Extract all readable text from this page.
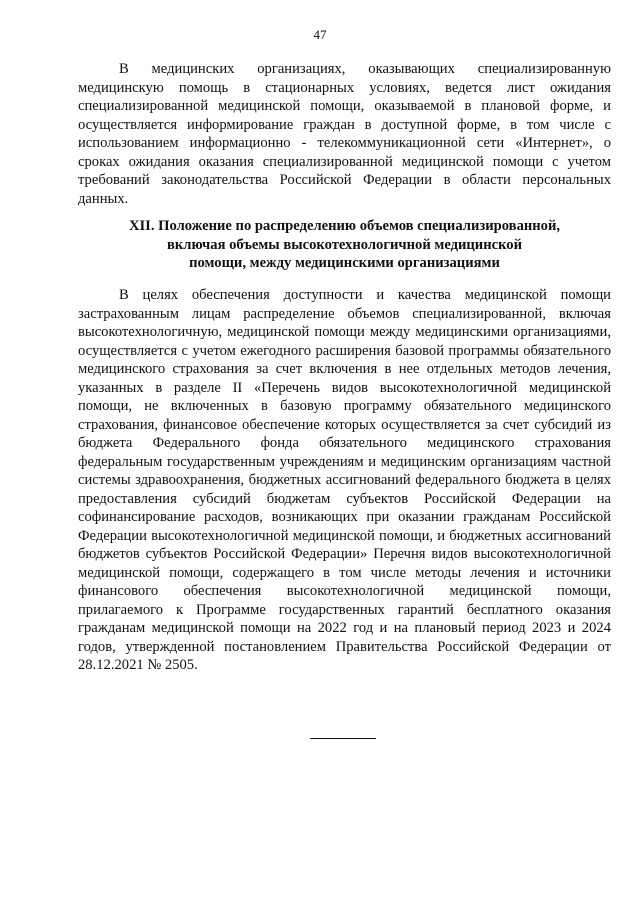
47

В медицинских организациях, оказывающих специализированную медицинскую помощь в стационарных условиях, ведется лист ожидания специализированной медицинской помощи, оказываемой в плановой форме, и осуществляется информирование граждан в доступной форме, в том числе с использованием информационно - телекоммуникационной сети «Интернет», о сроках ожидания оказания специализированной медицинской помощи с учетом требований законодательства Российской Федерации в области персональных данных.

XII. Положение по распределению объемов специализированной,
включая объемы высокотехнологичной медицинской
помощи, между медицинскими организациями

В целях обеспечения доступности и качества медицинской помощи застрахованным лицам распределение объемов специализированной, включая высокотехнологичную, медицинской помощи между медицинскими организациями, осуществляется с учетом ежегодного расширения базовой программы обязательного медицинского страхования за счет включения в нее отдельных методов лечения, указанных в разделе II «Перечень видов высокотехнологичной медицинской помощи, не включенных в базовую программу обязательного медицинского страхования, финансовое обеспечение которых осуществляется за счет субсидий из бюджета Федерального фонда обязательного медицинского страхования федеральным государственным учреждениям и медицинским организациям частной системы здравоохранения, бюджетных ассигнований федерального бюджета в целях предоставления субсидий бюджетам субъектов Российской Федерации на софинансирование расходов, возникающих при оказании гражданам Российской Федерации высокотехнологичной медицинской помощи, и бюджетных ассигнований бюджетов субъектов Российской Федерации» Перечня видов высокотехнологичной медицинской помощи, содержащего в том числе методы лечения и источники финансового обеспечения высокотехнологичной медицинской помощи, прилагаемого к Программе государственных гарантий бесплатного оказания гражданам медицинской помощи на 2022 год и на плановый период 2023 и 2024 годов, утвержденной постановлением Правительства Российской Федерации от 28.12.2021 № 2505.
